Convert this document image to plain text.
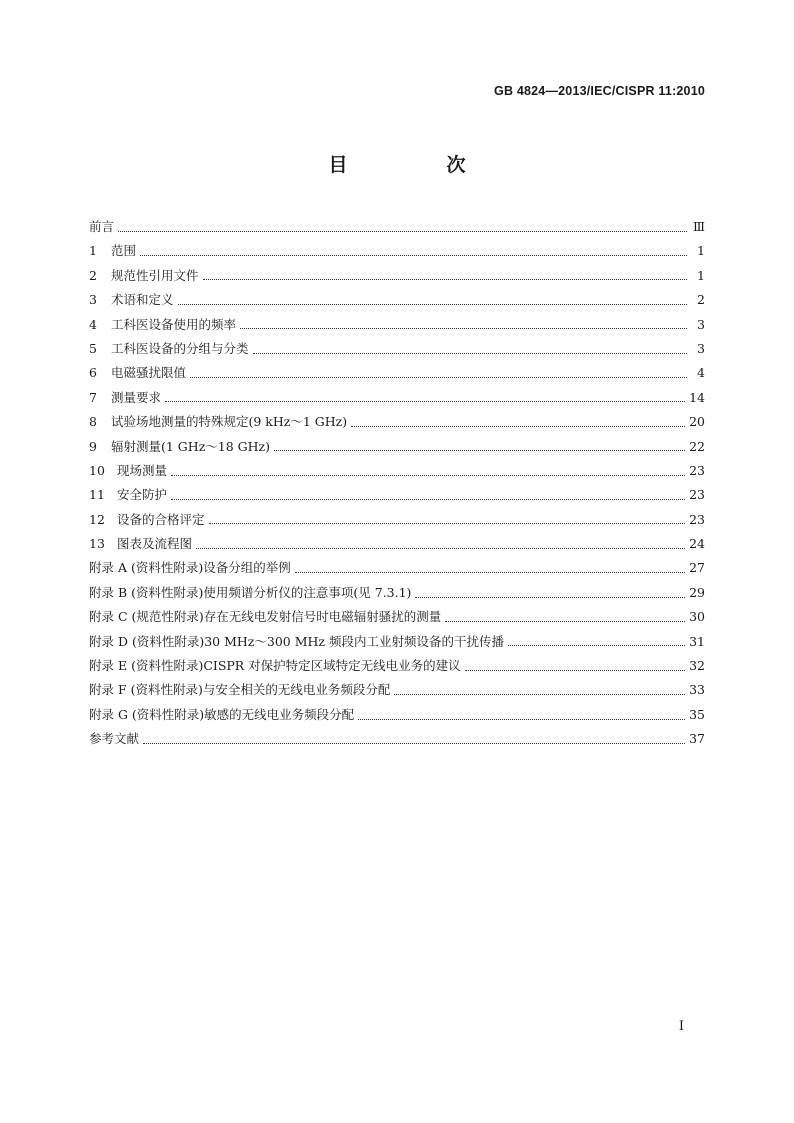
GB 4824—2013/IEC/CISPR 11:2010
目　次
前言	Ⅲ
1 范围	1
2 规范性引用文件	1
3 术语和定义	2
4 工科医设备使用的频率	3
5 工科医设备的分组与分类	3
6 电磁骚扰限值	4
7 测量要求	14
8 试验场地测量的特殊规定(9 kHz～1 GHz)	20
9 辐射测量(1 GHz～18 GHz)	22
10 现场测量	23
11 安全防护	23
12 设备的合格评定	23
13 图表及流程图	24
附录 A (资料性附录)设备分组的举例	27
附录 B (资料性附录)使用频谱分析仪的注意事项(见 7.3.1)	29
附录 C (规范性附录)存在无线电发射信号时电磁辐射骚扰的测量	30
附录 D (资料性附录)30 MHz～300 MHz 频段内工业射频设备的干扰传播	31
附录 E (资料性附录)CISPR 对保护特定区域特定无线电业务的建议	32
附录 F (资料性附录)与安全相关的无线电业务频段分配	33
附录 G (资料性附录)敏感的无线电业务频段分配	35
参考文献	37
I
